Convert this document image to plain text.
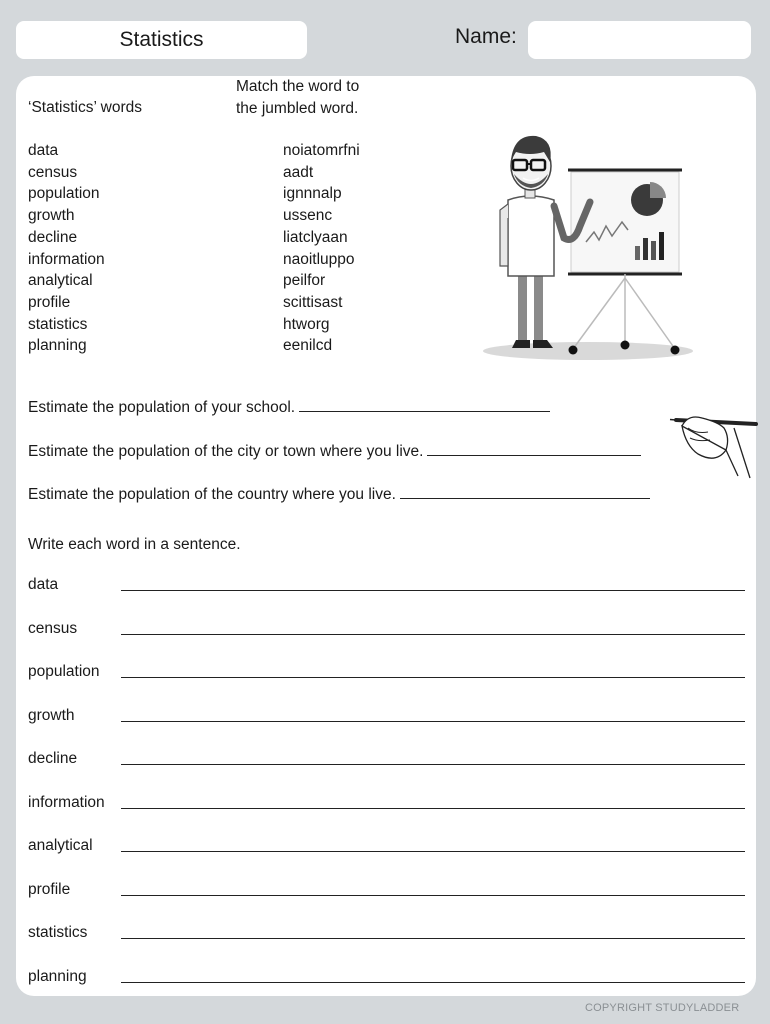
Statistics	Name:
‘Statistics’ words
Match the word to
the jumbled word.
data
census
population
growth
decline
information
analytical
profile
statistics
planning
noiatomrfni
aadt
ignnnalp
ussenc
liatclyaan
naoitluppo
peilfor
scittisast
htworg
eenilcd
Estimate the population of your school.
Estimate the population of the city or town where you live.
Estimate the population of the country where you live.
Write each word in a sentence.
data
census
population
growth
decline
information
analytical
profile
statistics
planning
COPYRIGHT STUDYLADDER
